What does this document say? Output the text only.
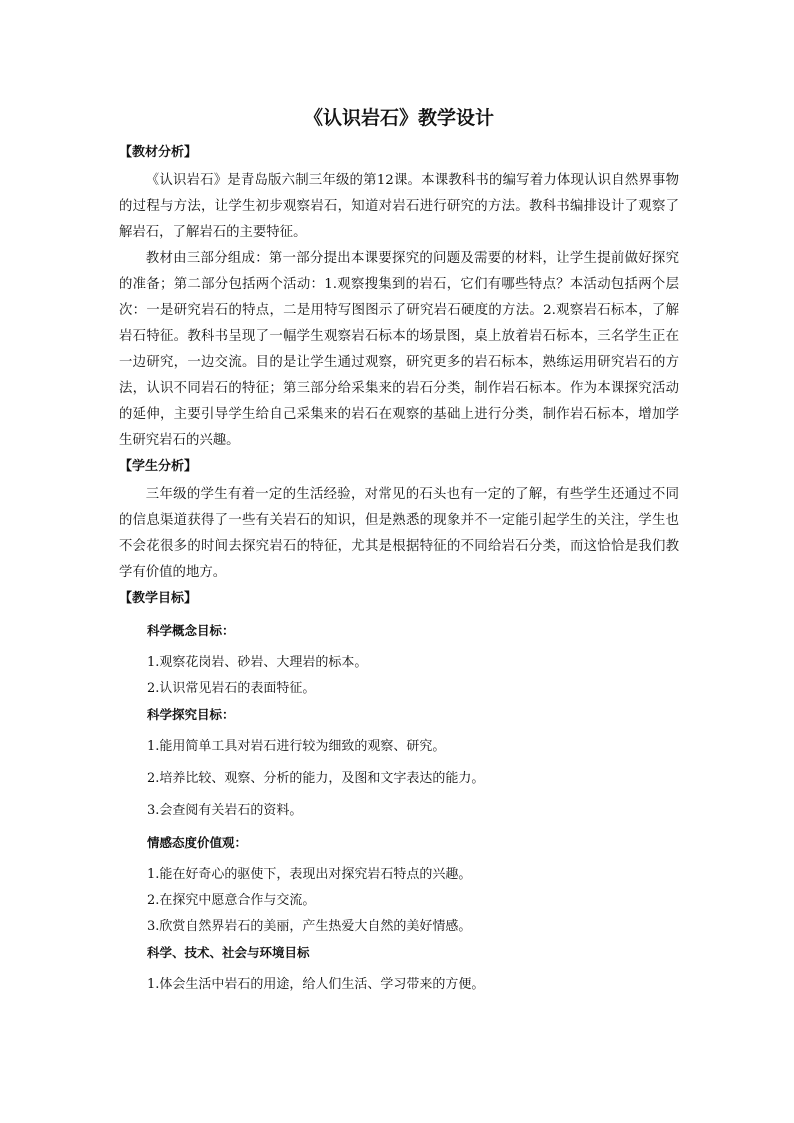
《认识岩石》教学设计
【教材分析】

《认识岩石》是青岛版六制三年级的第12课。本课教科书的编写着力体现认识自然界事物的过程与方法，让学生初步观察岩石，知道对岩石进行研究的方法。教科书编排设计了观察了解岩石，了解岩石的主要特征。

教材由三部分组成：第一部分提出本课要探究的问题及需要的材料，让学生提前做好探究的准备；第二部分包括两个活动：1.观察搜集到的岩石，它们有哪些特点？本活动包括两个层次：一是研究岩石的特点，二是用特写图图示了研究岩石硬度的方法。2.观察岩石标本，了解岩石特征。教科书呈现了一幅学生观察岩石标本的场景图，桌上放着岩石标本，三名学生正在一边研究，一边交流。目的是让学生通过观察，研究更多的岩石标本，熟练运用研究岩石的方法，认识不同岩石的特征；第三部分给采集来的岩石分类，制作岩石标本。作为本课探究活动的延伸，主要引导学生给自己采集来的岩石在观察的基础上进行分类，制作岩石标本，增加学生研究岩石的兴趣。

【学生分析】

三年级的学生有着一定的生活经验，对常见的石头也有一定的了解，有些学生还通过不同的信息渠道获得了一些有关岩石的知识，但是熟悉的现象并不一定能引起学生的关注，学生也不会花很多的时间去探究岩石的特征，尤其是根据特征的不同给岩石分类，而这恰恰是我们教学有价值的地方。

【教学目标】
科学概念目标：
1.观察花岗岩、砂岩、大理岩的标本。
2.认识常见岩石的表面特征。
科学探究目标：
1.能用简单工具对岩石进行较为细致的观察、研究。
2.培养比较、观察、分析的能力，及图和文字表达的能力。
3.会查阅有关岩石的资料。
情感态度价值观：
1.能在好奇心的驱使下，表现出对探究岩石特点的兴趣。
2.在探究中愿意合作与交流。
3.欣赏自然界岩石的美丽，产生热爱大自然的美好情感。
科学、技术、社会与环境目标
1.体会生活中岩石的用途，给人们生活、学习带来的方便。
